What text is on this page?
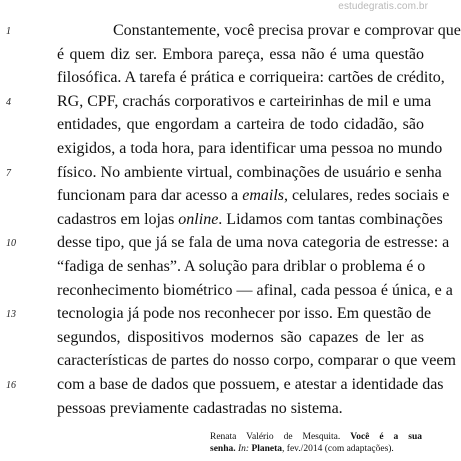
estudegratis.com.br
1
4
7
10
13
16
Constantemente, você precisa provar e comprovar que
é quem diz ser. Embora pareça, essa não é uma questão
filosófica. A tarefa é prática e corriqueira: cartões de crédito,
RG, CPF, crachás corporativos e carteirinhas de mil e uma
entidades, que engordam a carteira de todo cidadão, são
exigidos, a toda hora, para identificar uma pessoa no mundo
físico. No ambiente virtual, combinações de usuário e senha
funcionam para dar acesso a emails, celulares, redes sociais e
cadastros em lojas online. Lidamos com tantas combinações
desse tipo, que já se fala de uma nova categoria de estresse: a
“fadiga de senhas”. A solução para driblar o problema é o
reconhecimento biométrico — afinal, cada pessoa é única, e a
tecnologia já pode nos reconhecer por isso. Em questão de
segundos, dispositivos modernos são capazes de ler as
características de partes do nosso corpo, comparar o que veem
com a base de dados que possuem, e atestar a identidade das
pessoas previamente cadastradas no sistema.
Renata Valério de Mesquita. Você é a sua
senha. In: Planeta, fev./2014 (com adaptações).
